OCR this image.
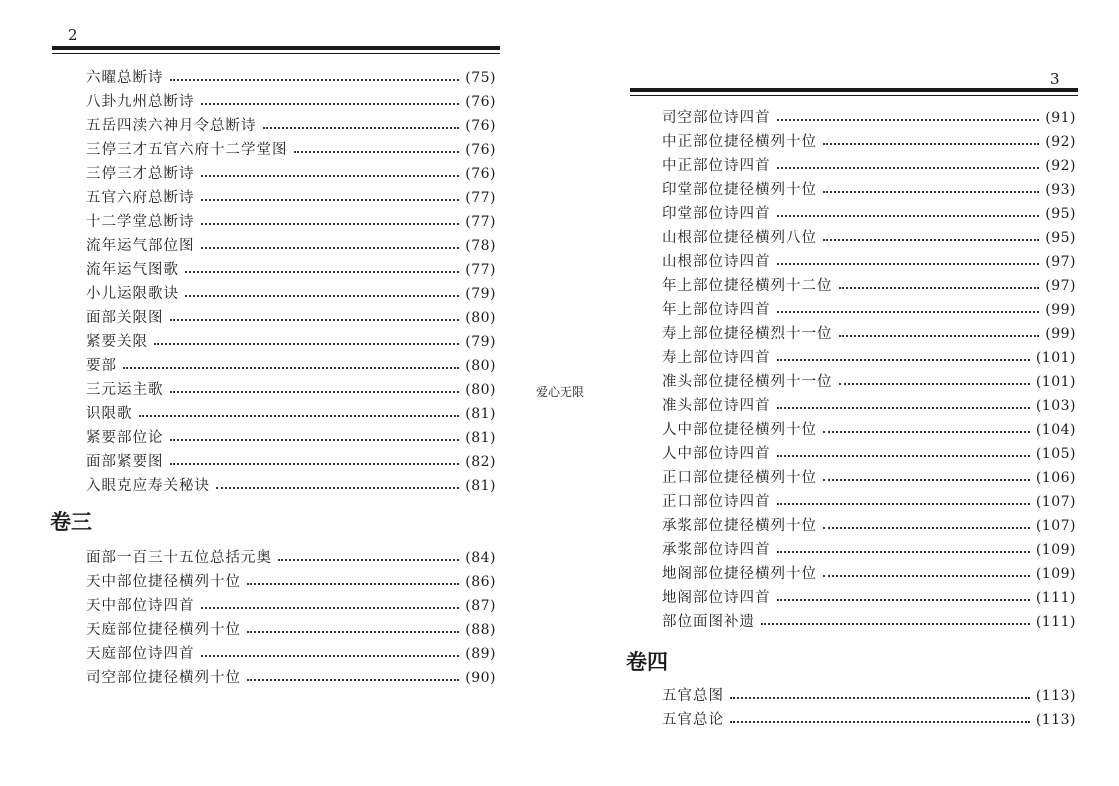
2
六曜总断诗	(75)
八卦九州总断诗	(76)
五岳四渎六神月令总断诗	(76)
三停三才五官六府十二学堂图	(76)
三停三才总断诗	(76)
五官六府总断诗	(77)
十二学堂总断诗	(77)
流年运气部位图	(78)
流年运气图歌	(77)
小儿运限歌诀	(79)
面部关限图	(80)
紧要关限	(79)
要部	(80)
三元运主歌	(80)
识限歌	(81)
紧要部位论	(81)
面部紧要图	(82)
入眼克应寿关秘诀	(81)
卷三
面部一百三十五位总括元奥	(84)
天中部位捷径横列十位	(86)
天中部位诗四首	(87)
天庭部位捷径横列十位	(88)
天庭部位诗四首	(89)
司空部位捷径横列十位	(90)
爱心无限
3
司空部位诗四首	(91)
中正部位捷径横列十位	(92)
中正部位诗四首	(92)
印堂部位捷径横列十位	(93)
印堂部位诗四首	(95)
山根部位捷径横列八位	(95)
山根部位诗四首	(97)
年上部位捷径横列十二位	(97)
年上部位诗四首	(99)
寿上部位捷径横烈十一位	(99)
寿上部位诗四首	(101)
准头部位捷径横列十一位	(101)
准头部位诗四首	(103)
人中部位捷径横列十位	(104)
人中部位诗四首	(105)
正口部位捷径横列十位	(106)
正口部位诗四首	(107)
承浆部位捷径横列十位	(107)
承浆部位诗四首	(109)
地阁部位捷径横列十位	(109)
地阁部位诗四首	(111)
部位面图补遗	(111)
卷四
五官总图	(113)
五官总论	(113)
